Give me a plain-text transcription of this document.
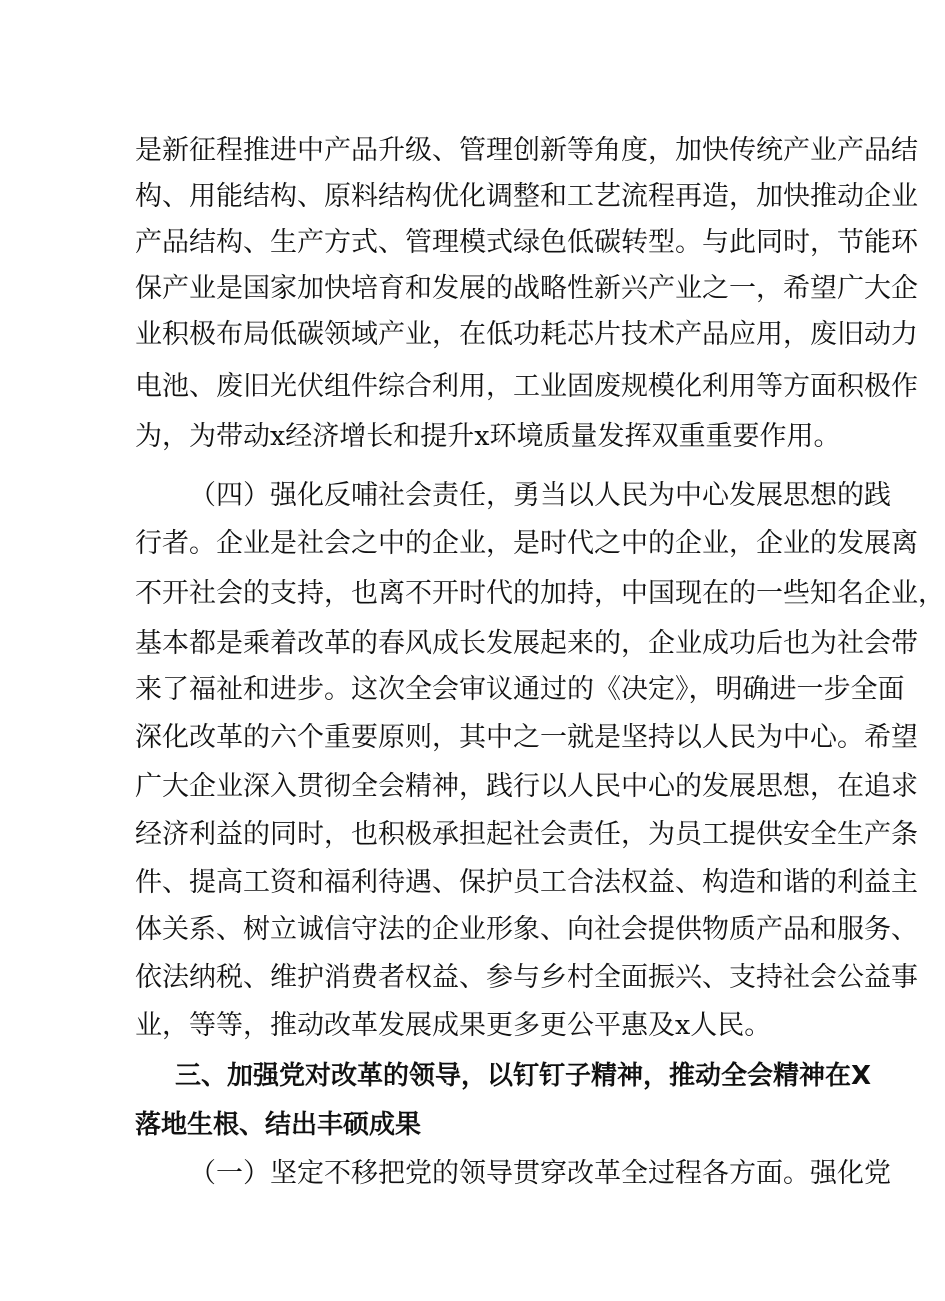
是新征程推进中产品升级、管理创新等角度，加快传统产业产品结
构、用能结构、原料结构优化调整和工艺流程再造，加快推动企业
产品结构、生产方式、管理模式绿色低碳转型。与此同时，节能环
保产业是国家加快培育和发展的战略性新兴产业之一，希望广大企
业积极布局低碳领域产业，在低功耗芯片技术产品应用，废旧动力
电池、废旧光伏组件综合利用，工业固废规模化利用等方面积极作
为，为带动x经济增长和提升x环境质量发挥双重重要作用。
（四）强化反哺社会责任，勇当以人民为中心发展思想的践
行者。企业是社会之中的企业，是时代之中的企业，企业的发展离
不开社会的支持，也离不开时代的加持，中国现在的一些知名企业，
基本都是乘着改革的春风成长发展起来的，企业成功后也为社会带
来了福祉和进步。这次全会审议通过的《决定》，明确进一步全面
深化改革的六个重要原则，其中之一就是坚持以人民为中心。希望
广大企业深入贯彻全会精神，践行以人民中心的发展思想，在追求
经济利益的同时，也积极承担起社会责任，为员工提供安全生产条
件、提高工资和福利待遇、保护员工合法权益、构造和谐的利益主
体关系、树立诚信守法的企业形象、向社会提供物质产品和服务、
依法纳税、维护消费者权益、参与乡村全面振兴、支持社会公益事
业，等等，推动改革发展成果更多更公平惠及x人民。
三、加强党对改革的领导，以钉钉子精神，推动全会精神在X
落地生根、结出丰硕成果
（一）坚定不移把党的领导贯穿改革全过程各方面。强化党
